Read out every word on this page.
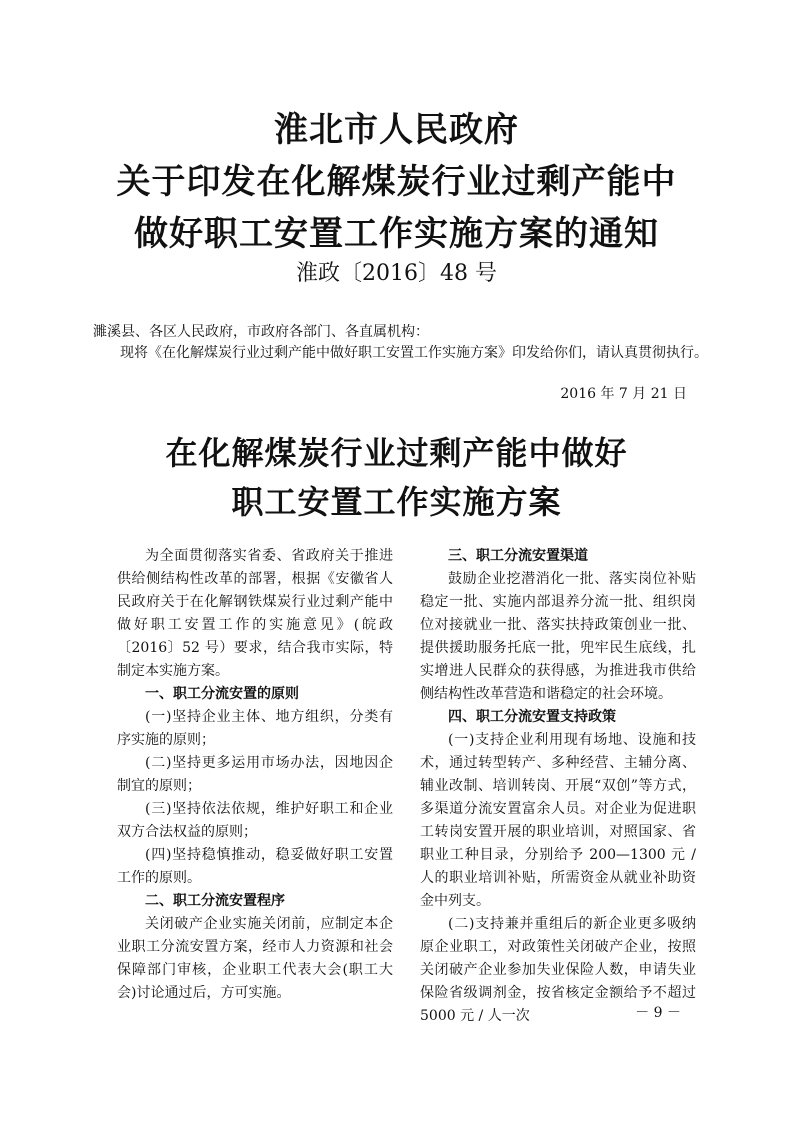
淮北市人民政府
关于印发在化解煤炭行业过剩产能中
做好职工安置工作实施方案的通知
淮政〔2016〕48 号
濉溪县、各区人民政府，市政府各部门、各直属机构：
现将《在化解煤炭行业过剩产能中做好职工安置工作实施方案》印发给你们，请认真贯彻执行。
2016 年 7 月 21 日
在化解煤炭行业过剩产能中做好
职工安置工作实施方案

为全面贯彻落实省委、省政府关于推进供给侧结构性改革的部署，根据《安徽省人民政府关于在化解钢铁煤炭行业过剩产能中做好职工安置工作的实施意见》(皖政〔2016〕52 号）要求，结合我市实际，特制定本实施方案。

一、职工分流安置的原则

(一)坚持企业主体、地方组织，分类有序实施的原则；

(二)坚持更多运用市场办法，因地因企制宜的原则；

(三)坚持依法依规，维护好职工和企业双方合法权益的原则；

(四)坚持稳慎推动，稳妥做好职工安置工作的原则。

二、职工分流安置程序

关闭破产企业实施关闭前，应制定本企业职工分流安置方案，经市人力资源和社会保障部门审核，企业职工代表大会(职工大会)讨论通过后，方可实施。

三、职工分流安置渠道

鼓励企业挖潜消化一批、落实岗位补贴稳定一批、实施内部退养分流一批、组织岗位对接就业一批、落实扶持政策创业一批、提供援助服务托底一批，兜牢民生底线，扎实增进人民群众的获得感，为推进我市供给侧结构性改革营造和谐稳定的社会环境。

四、职工分流安置支持政策

(一)支持企业利用现有场地、设施和技术，通过转型转产、多种经营、主辅分离、辅业改制、培训转岗、开展“双创”等方式，多渠道分流安置富余人员。对企业为促进职工转岗安置开展的职业培训，对照国家、省职业工种目录，分别给予 200—1300 元 / 人的职业培训补贴，所需资金从就业补助资金中列支。

(二)支持兼并重组后的新企业更多吸纳原企业职工，对政策性关闭破产企业，按照关闭破产企业参加失业保险人数，申请失业保险省级调剂金，按省核定金额给予不超过 5000 元 / 人一次	－ 9 －
